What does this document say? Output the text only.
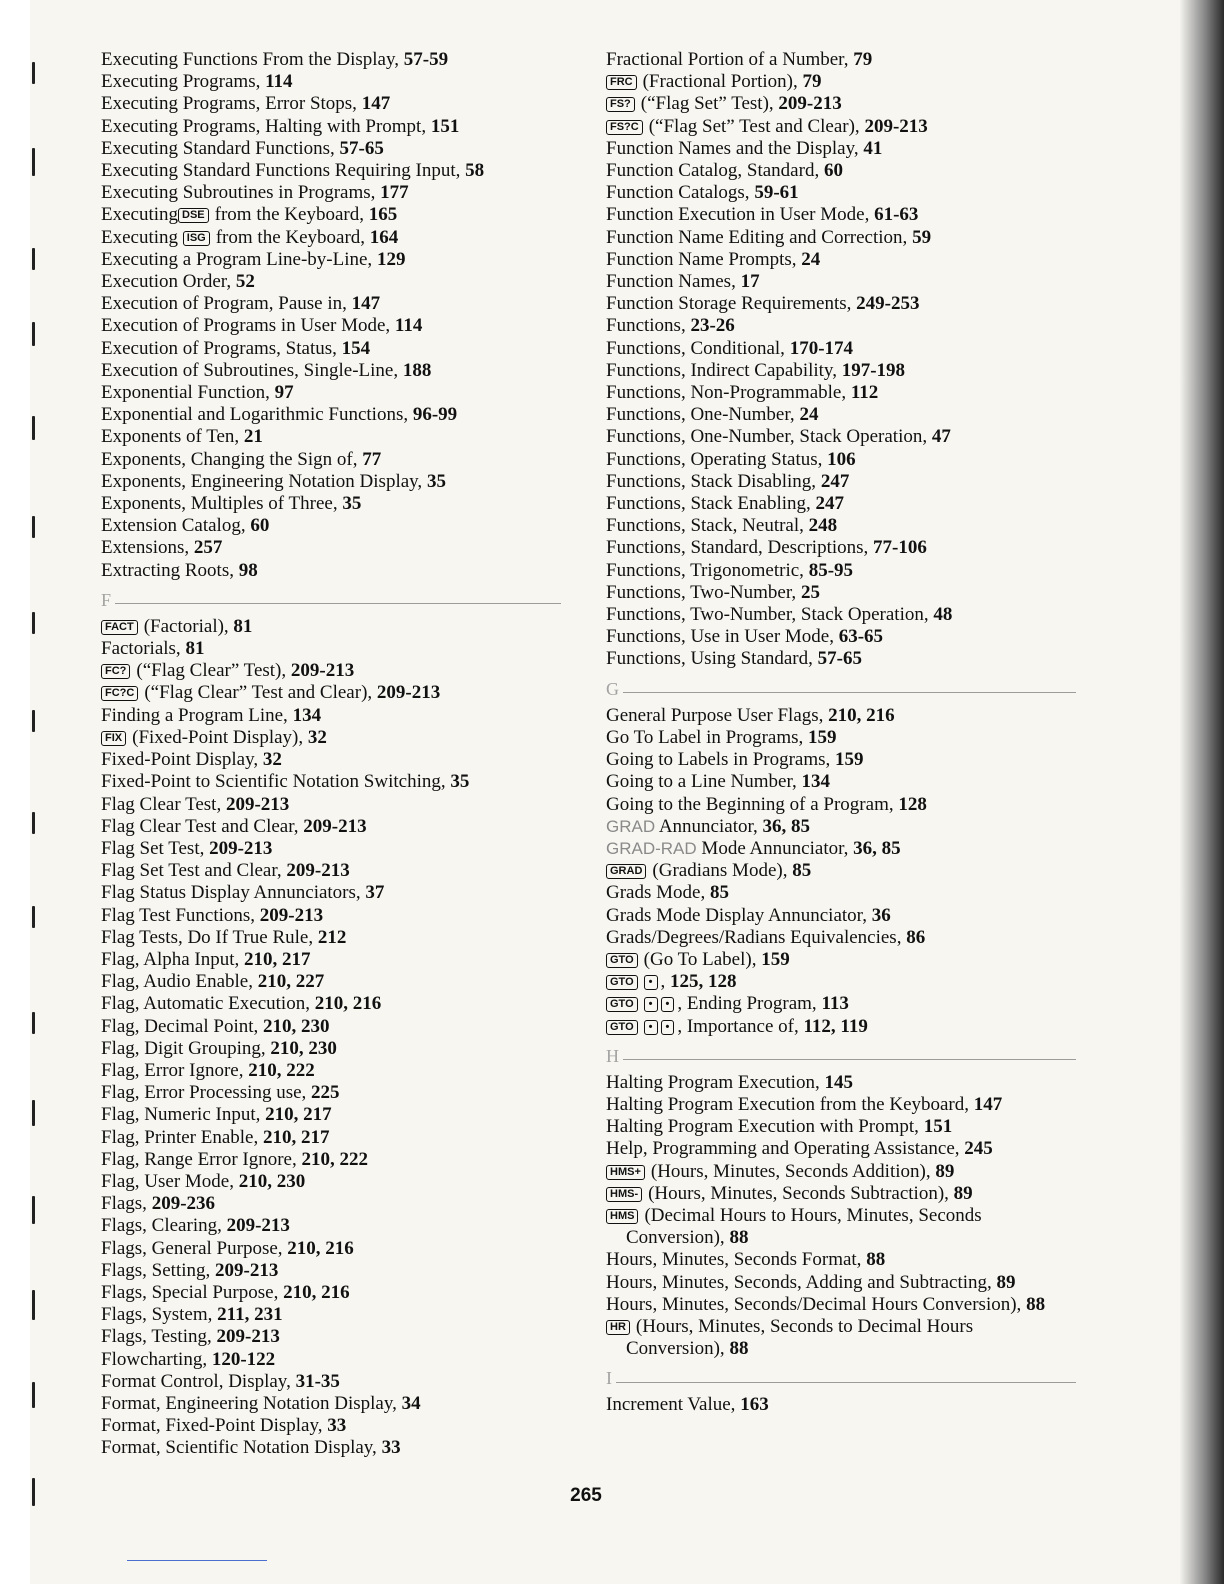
Executing Functions From the Display, 57-59
Executing Programs, 114
Executing Programs, Error Stops, 147
Executing Programs, Halting with Prompt, 151
Executing Standard Functions, 57-65
Executing Standard Functions Requiring Input, 58
Executing Subroutines in Programs, 177
Executing DSE from the Keyboard, 165
Executing ISG from the Keyboard, 164
Executing a Program Line-by-Line, 129
Execution Order, 52
Execution of Program, Pause in, 147
Execution of Programs in User Mode, 114
Execution of Programs, Status, 154
Execution of Subroutines, Single-Line, 188
Exponential Function, 97
Exponential and Logarithmic Functions, 96-99
Exponents of Ten, 21
Exponents, Changing the Sign of, 77
Exponents, Engineering Notation Display, 35
Exponents, Multiples of Three, 35
Extension Catalog, 60
Extensions, 257
Extracting Roots, 98
F
FACT (Factorial), 81
Factorials, 81
FC? (“Flag Clear” Test), 209-213
FC?C (“Flag Clear” Test and Clear), 209-213
Finding a Program Line, 134
FIX (Fixed-Point Display), 32
Fixed-Point Display, 32
Fixed-Point to Scientific Notation Switching, 35
Flag Clear Test, 209-213
Flag Clear Test and Clear, 209-213
Flag Set Test, 209-213
Flag Set Test and Clear, 209-213
Flag Status Display Annunciators, 37
Flag Test Functions, 209-213
Flag Tests, Do If True Rule, 212
Flag, Alpha Input, 210, 217
Flag, Audio Enable, 210, 227
Flag, Automatic Execution, 210, 216
Flag, Decimal Point, 210, 230
Flag, Digit Grouping, 210, 230
Flag, Error Ignore, 210, 222
Flag, Error Processing use, 225
Flag, Numeric Input, 210, 217
Flag, Printer Enable, 210, 217
Flag, Range Error Ignore, 210, 222
Flag, User Mode, 210, 230
Flags, 209-236
Flags, Clearing, 209-213
Flags, General Purpose, 210, 216
Flags, Setting, 209-213
Flags, Special Purpose, 210, 216
Flags, System, 211, 231
Flags, Testing, 209-213
Flowcharting, 120-122
Format Control, Display, 31-35
Format, Engineering Notation Display, 34
Format, Fixed-Point Display, 33
Format, Scientific Notation Display, 33
Fractional Portion of a Number, 79
FRC (Fractional Portion), 79
FS? (“Flag Set” Test), 209-213
FS?C (“Flag Set” Test and Clear), 209-213
Function Names and the Display, 41
Function Catalog, Standard, 60
Function Catalogs, 59-61
Function Execution in User Mode, 61-63
Function Name Editing and Correction, 59
Function Name Prompts, 24
Function Names, 17
Function Storage Requirements, 249-253
Functions, 23-26
Functions, Conditional, 170-174
Functions, Indirect Capability, 197-198
Functions, Non-Programmable, 112
Functions, One-Number, 24
Functions, One-Number, Stack Operation, 47
Functions, Operating Status, 106
Functions, Stack Disabling, 247
Functions, Stack Enabling, 247
Functions, Stack, Neutral, 248
Functions, Standard, Descriptions, 77-106
Functions, Trigonometric, 85-95
Functions, Two-Number, 25
Functions, Two-Number, Stack Operation, 48
Functions, Use in User Mode, 63-65
Functions, Using Standard, 57-65
G
General Purpose User Flags, 210, 216
Go To Label in Programs, 159
Going to Labels in Programs, 159
Going to a Line Number, 134
Going to the Beginning of a Program, 128
GRAD Annunciator, 36, 85
GRAD-RAD Mode Annunciator, 36, 85
GRAD (Gradians Mode), 85
Grads Mode, 85
Grads Mode Display Annunciator, 36
Grads/Degrees/Radians Equivalencies, 86
GTO (Go To Label), 159
GTO • , 125, 128
GTO • • , Ending Program, 113
GTO • • , Importance of, 112, 119
H
Halting Program Execution, 145
Halting Program Execution from the Keyboard, 147
Halting Program Execution with Prompt, 151
Help, Programming and Operating Assistance, 245
HMS+ (Hours, Minutes, Seconds Addition), 89
HMS- (Hours, Minutes, Seconds Subtraction), 89
HMS (Decimal Hours to Hours, Minutes, Seconds Conversion), 88
Hours, Minutes, Seconds Format, 88
Hours, Minutes, Seconds, Adding and Subtracting, 89
Hours, Minutes, Seconds/Decimal Hours Conversion), 88
HR (Hours, Minutes, Seconds to Decimal Hours Conversion), 88
I
Increment Value, 163
265
